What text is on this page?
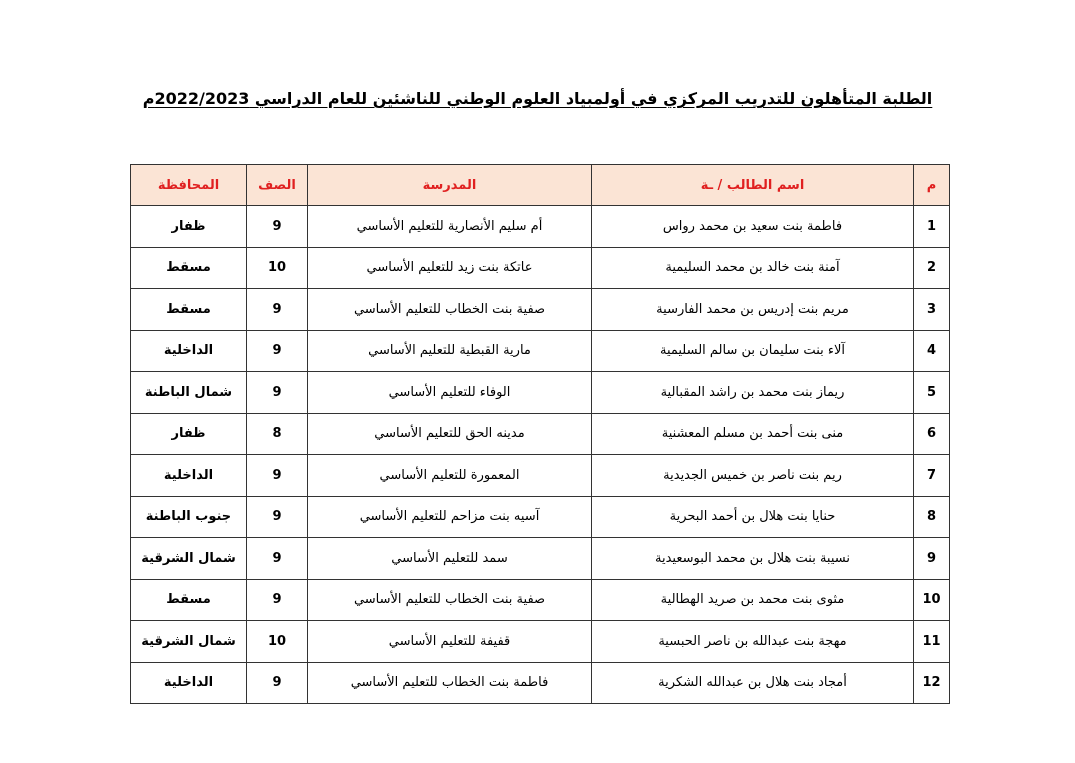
الطلبة المتأهلون للتدريب المركزي في أولمبياد العلوم الوطني للناشئين للعام الدراسي 2022/2023م
م	اسم الطالب / ـة	المدرسة	الصف	المحافظة
1	فاطمة بنت سعيد بن محمد رواس	أم سليم الأنصارية للتعليم الأساسي	9	ظفار
2	آمنة بنت خالد بن محمد السليمية	عاتكة بنت زيد للتعليم الأساسي	10	مسقط
3	مريم بنت إدريس بن محمد الفارسية	صفية بنت الخطاب للتعليم الأساسي	9	مسقط
4	آلاء بنت سليمان بن سالم السليمية	مارية القبطية للتعليم الأساسي	9	الداخلية
5	ريماز بنت محمد بن راشد المقبالية	الوفاء للتعليم الأساسي	9	شمال الباطنة
6	منى بنت أحمد بن مسلم المعشنية	مدينه الحق للتعليم الأساسي	8	ظفار
7	ريم بنت ناصر بن خميس الجديدية	المعمورة للتعليم الأساسي	9	الداخلية
8	حنايا بنت هلال بن أحمد البحرية	آسيه بنت مزاحم للتعليم الأساسي	9	جنوب الباطنة
9	نسيبة بنت هلال بن محمد البوسعيدية	سمد للتعليم الأساسي	9	شمال الشرقية
10	مثوى بنت محمد بن صريد الهطالية	صفية بنت الخطاب للتعليم الأساسي	9	مسقط
11	مهجة بنت عبدالله بن ناصر الحبسية	قفيفة للتعليم الأساسي	10	شمال الشرقية
12	أمجاد بنت هلال بن عبدالله الشكرية	فاطمة بنت الخطاب للتعليم الأساسي	9	الداخلية
